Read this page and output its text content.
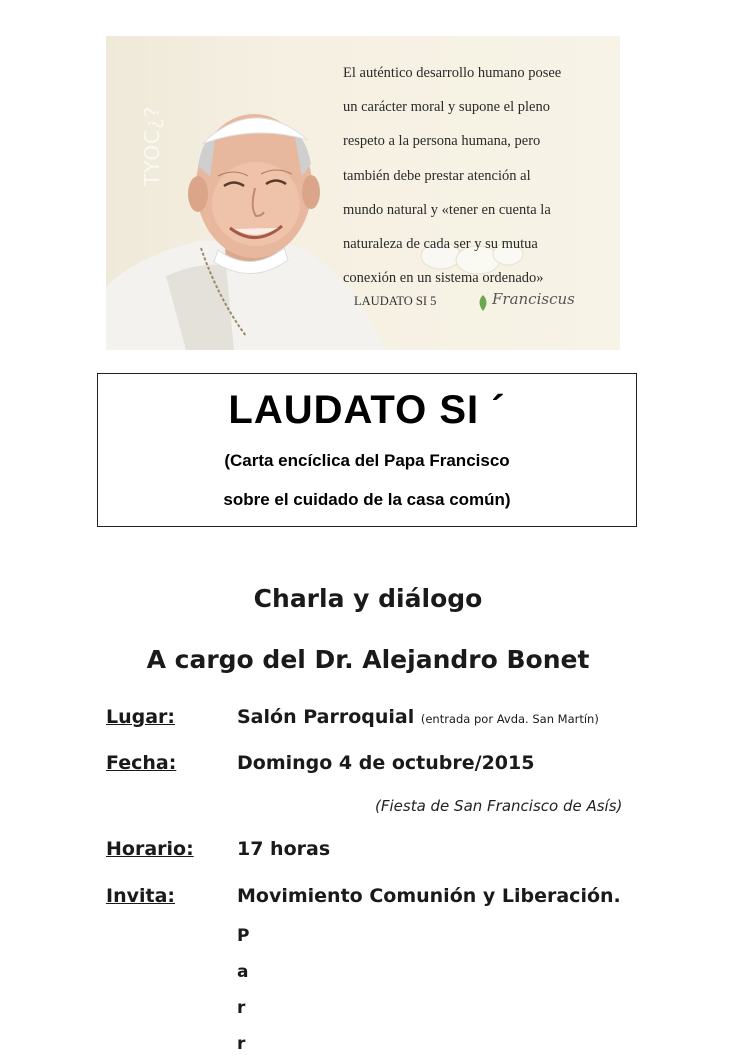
TYOC¿?
El auténtico desarrollo humano posee
un carácter moral y supone el pleno
respeto a la persona humana, pero
también debe prestar atención al
mundo natural y «tener en cuenta la
naturaleza de cada ser y su mutua
conexión en un sistema ordenado»
LAUDATO SI 5	Franciscus
LAUDATO SI ´
(Carta encíclica del Papa Francisco
sobre el cuidado de la casa común)
Charla y diálogo
A cargo del Dr. Alejandro Bonet
Lugar:	Salón Parroquial (entrada por Avda. San Martín)
Fecha:	Domingo 4 de octubre/2015
(Fiesta de San Francisco de Asís)
Horario: 17 horas
Invita:	Movimiento Comunión y Liberación.
P
a
r
r
